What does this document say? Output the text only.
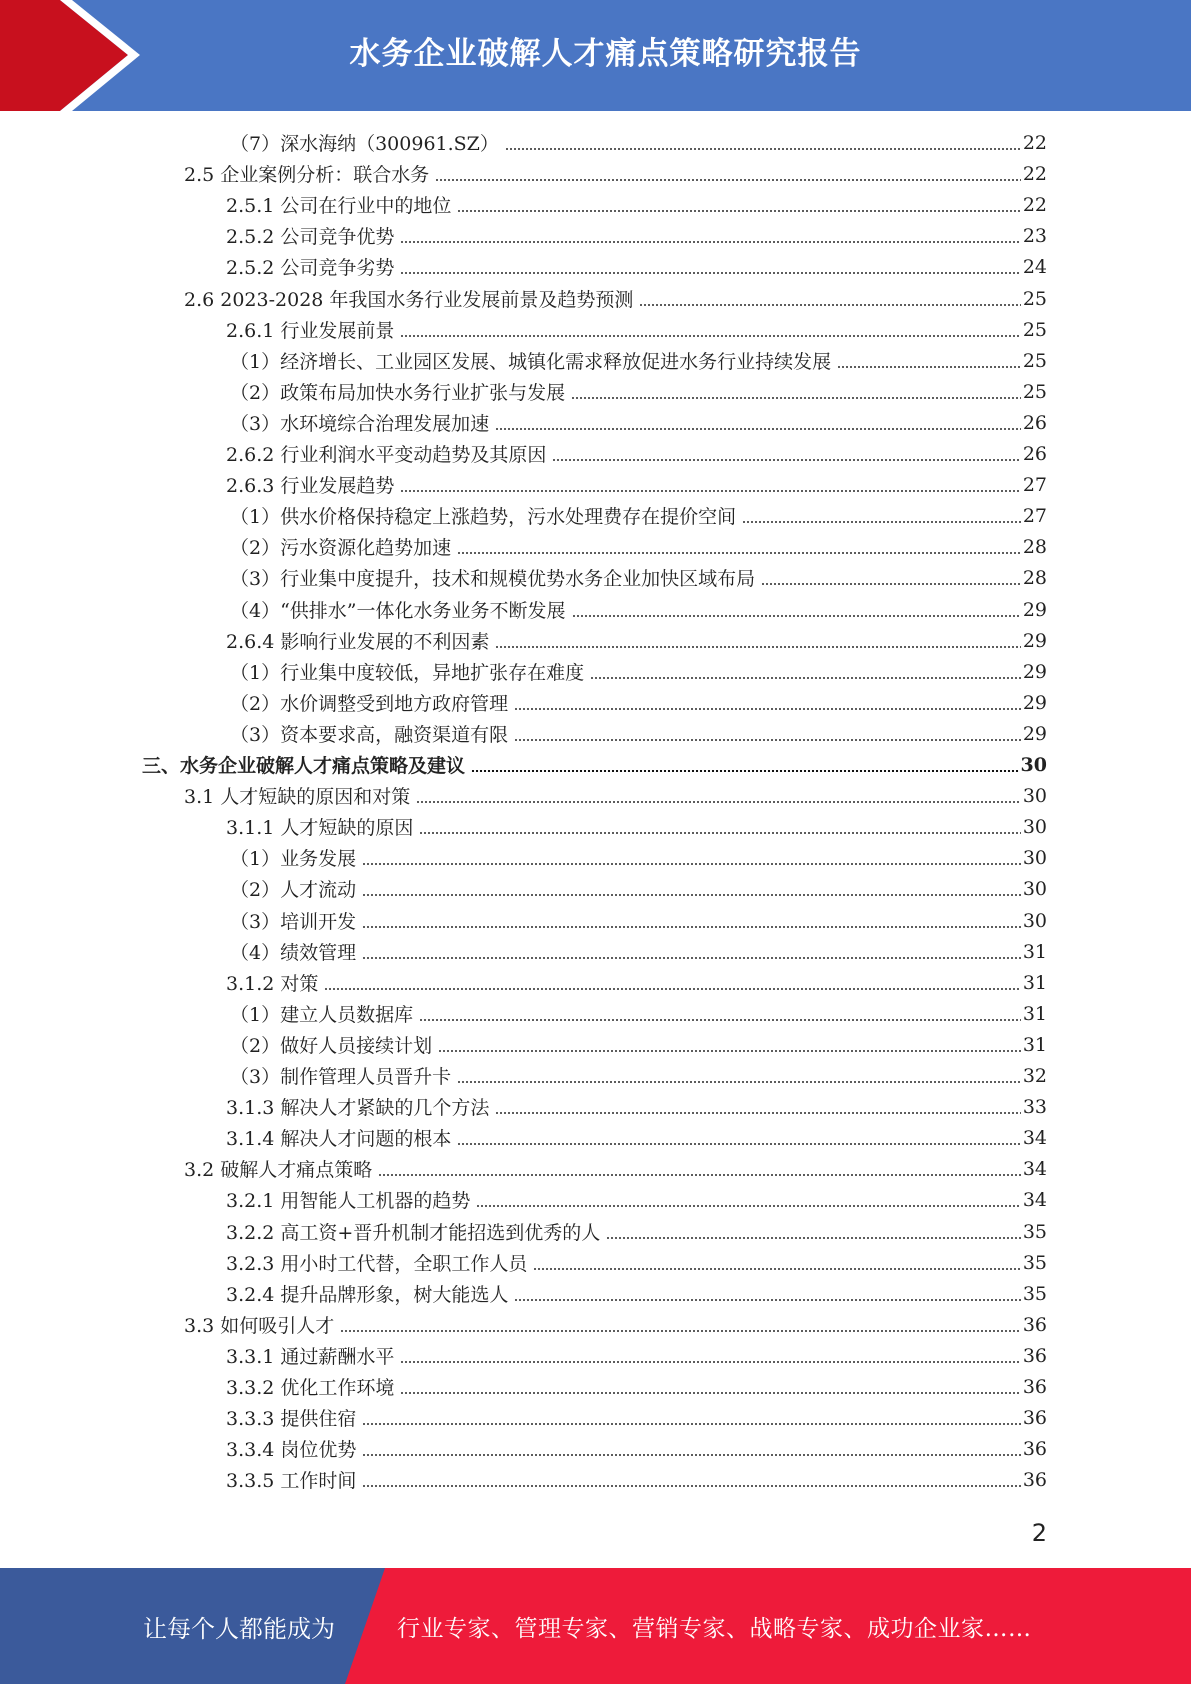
水务企业破解人才痛点策略研究报告
（7）深水海纳（300961.SZ）	22
2.5 企业案例分析：联合水务	22
2.5.1 公司在行业中的地位	22
2.5.2 公司竞争优势	23
2.5.2 公司竞争劣势	24
2.6 2023-2028 年我国水务行业发展前景及趋势预测	25
2.6.1 行业发展前景	25
（1）经济增长、工业园区发展、城镇化需求释放促进水务行业持续发展	25
（2）政策布局加快水务行业扩张与发展	25
（3）水环境综合治理发展加速	26
2.6.2 行业利润水平变动趋势及其原因	26
2.6.3 行业发展趋势	27
（1）供水价格保持稳定上涨趋势，污水处理费存在提价空间	27
（2）污水资源化趋势加速	28
（3）行业集中度提升，技术和规模优势水务企业加快区域布局	28
（4）“供排水”一体化水务业务不断发展	29
2.6.4 影响行业发展的不利因素	29
（1）行业集中度较低，异地扩张存在难度	29
（2）水价调整受到地方政府管理	29
（3）资本要求高，融资渠道有限	29
三、水务企业破解人才痛点策略及建议	30
3.1 人才短缺的原因和对策	30
3.1.1 人才短缺的原因	30
（1）业务发展	30
（2）人才流动	30
（3）培训开发	30
（4）绩效管理	31
3.1.2 对策	31
（1）建立人员数据库	31
（2）做好人员接续计划	31
（3）制作管理人员晋升卡	32
3.1.3 解决人才紧缺的几个方法	33
3.1.4 解决人才问题的根本	34
3.2 破解人才痛点策略	34
3.2.1 用智能人工机器的趋势	34
3.2.2 高工资+晋升机制才能招选到优秀的人	35
3.2.3 用小时工代替，全职工作人员	35
3.2.4 提升品牌形象，树大能选人	35
3.3 如何吸引人才	36
3.3.1 通过薪酬水平	36
3.3.2 优化工作环境	36
3.3.3 提供住宿	36
3.3.4 岗位优势	36
3.3.5 工作时间	36
2
让每个人都能成为	行业专家、管理专家、营销专家、战略专家、成功企业家……
